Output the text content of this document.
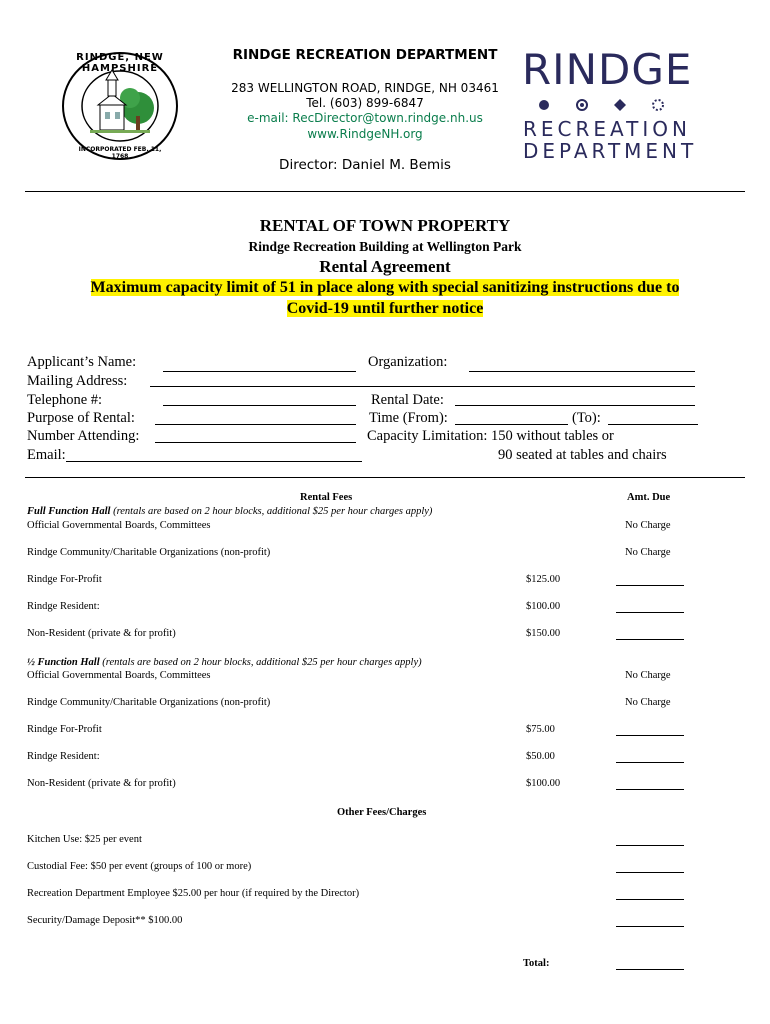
RINDGE, NEW HAMPSHIRE
INCORPORATED FEB. 11, 1768
RINDGE RECREATION DEPARTMENT
283 WELLINGTON ROAD, RINDGE, NH 03461
Tel. (603) 899-6847
e-mail: RecDirector@town.rindge.nh.us
www.RindgeNH.org
Director: Daniel M. Bemis
RINDGE
RECREATION
DEPARTMENT
RENTAL OF TOWN PROPERTY
Rindge Recreation Building at Wellington Park
Rental Agreement
Maximum capacity limit of 51 in place along with special sanitizing instructions due to
Covid-19 until further notice
Applicant’s Name:	Organization:
Mailing Address:
Telephone #:	Rental Date:
Purpose of Rental:	Time (From):	(To):
Number Attending:	Capacity Limitation: 150 without tables or
Email:	90 seated at tables and chairs
Rental Fees	Amt. Due
Full Function Hall (rentals are based on 2 hour blocks, additional $25 per hour charges apply)
Official Governmental Boards, Committees	No Charge
Rindge Community/Charitable Organizations (non-profit)	No Charge
Rindge For-Profit	$125.00
Rindge Resident:	$100.00
Non-Resident (private & for profit)	$150.00
½ Function Hall (rentals are based on 2 hour blocks, additional $25 per hour charges apply)
Official Governmental Boards, Committees	No Charge
Rindge Community/Charitable Organizations (non-profit)	No Charge
Rindge For-Profit	$75.00
Rindge Resident:	$50.00
Non-Resident (private & for profit)	$100.00
Other Fees/Charges
Kitchen Use: $25 per event
Custodial Fee: $50 per event (groups of 100 or more)
Recreation Department Employee $25.00 per hour (if required by the Director)
Security/Damage Deposit** $100.00
Total:
